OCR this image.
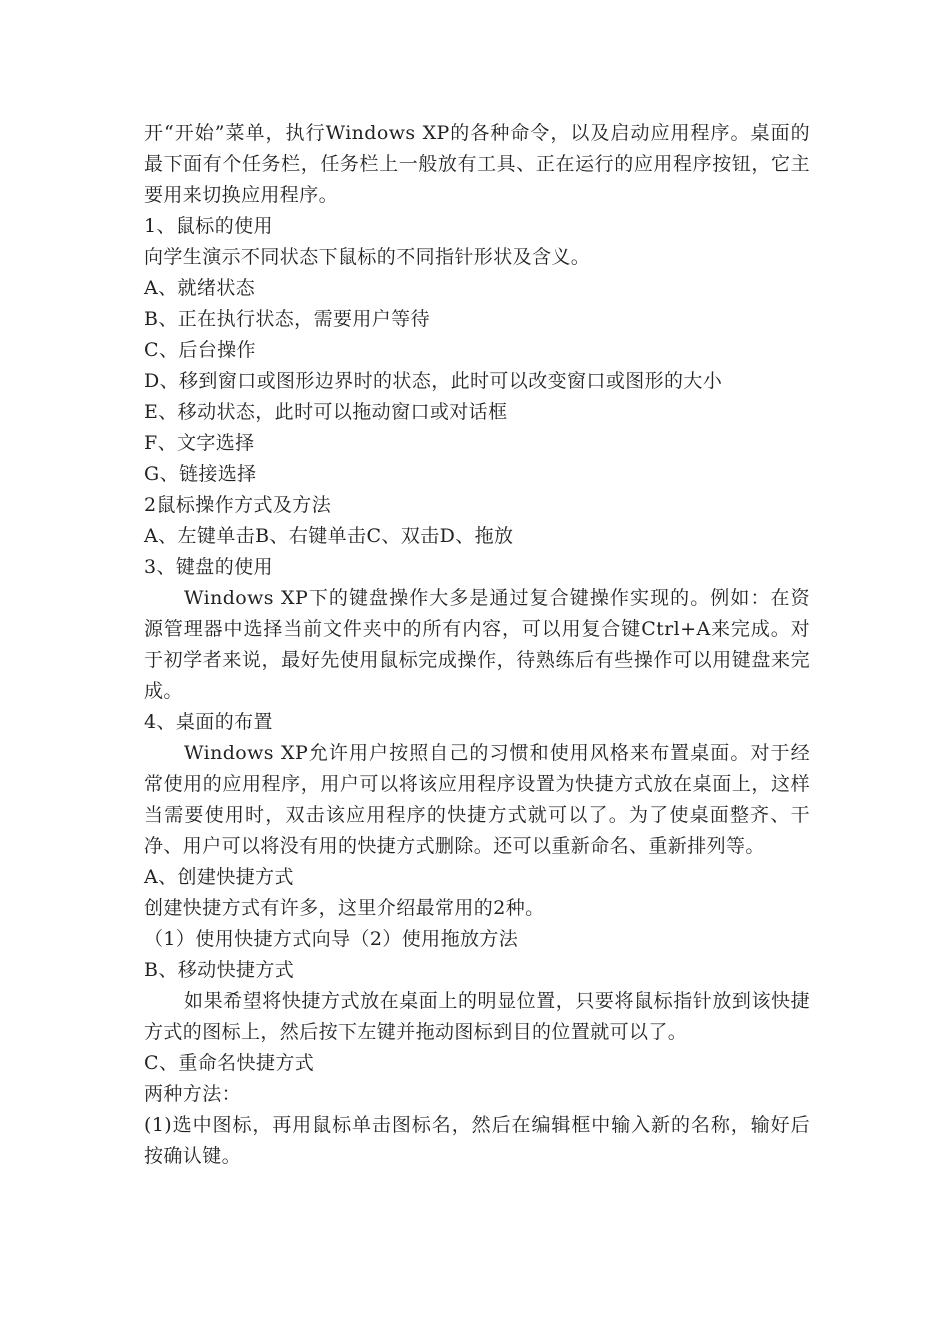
开“开始”菜单，执行Windows XP的各种命令，以及启动应用程序。桌面的最下面有个任务栏，任务栏上一般放有工具、正在运行的应用程序按钮，它主要用来切换应用程序。
1、鼠标的使用
向学生演示不同状态下鼠标的不同指针形状及含义。
A、就绪状态
B、正在执行状态，需要用户等待
C、后台操作
D、移到窗口或图形边界时的状态，此时可以改变窗口或图形的大小
E、移动状态，此时可以拖动窗口或对话框
F、文字选择
G、链接选择
2鼠标操作方式及方法
A、左键单击B、右键单击C、双击D、拖放
3、键盘的使用
Windows XP下的键盘操作大多是通过复合键操作实现的。例如：在资源管理器中选择当前文件夹中的所有内容，可以用复合键Ctrl+A来完成。对于初学者来说，最好先使用鼠标完成操作，待熟练后有些操作可以用键盘来完成。
4、桌面的布置
Windows XP允许用户按照自己的习惯和使用风格来布置桌面。对于经常使用的应用程序，用户可以将该应用程序设置为快捷方式放在桌面上，这样当需要使用时，双击该应用程序的快捷方式就可以了。为了使桌面整齐、干净、用户可以将没有用的快捷方式删除。还可以重新命名、重新排列等。
A、创建快捷方式
创建快捷方式有许多，这里介绍最常用的2种。
（1）使用快捷方式向导（2）使用拖放方法
B、移动快捷方式
如果希望将快捷方式放在桌面上的明显位置，只要将鼠标指针放到该快捷方式的图标上，然后按下左键并拖动图标到目的位置就可以了。
C、重命名快捷方式
两种方法：
(1)选中图标，再用鼠标单击图标名，然后在编辑框中输入新的名称，输好后按确认键。
